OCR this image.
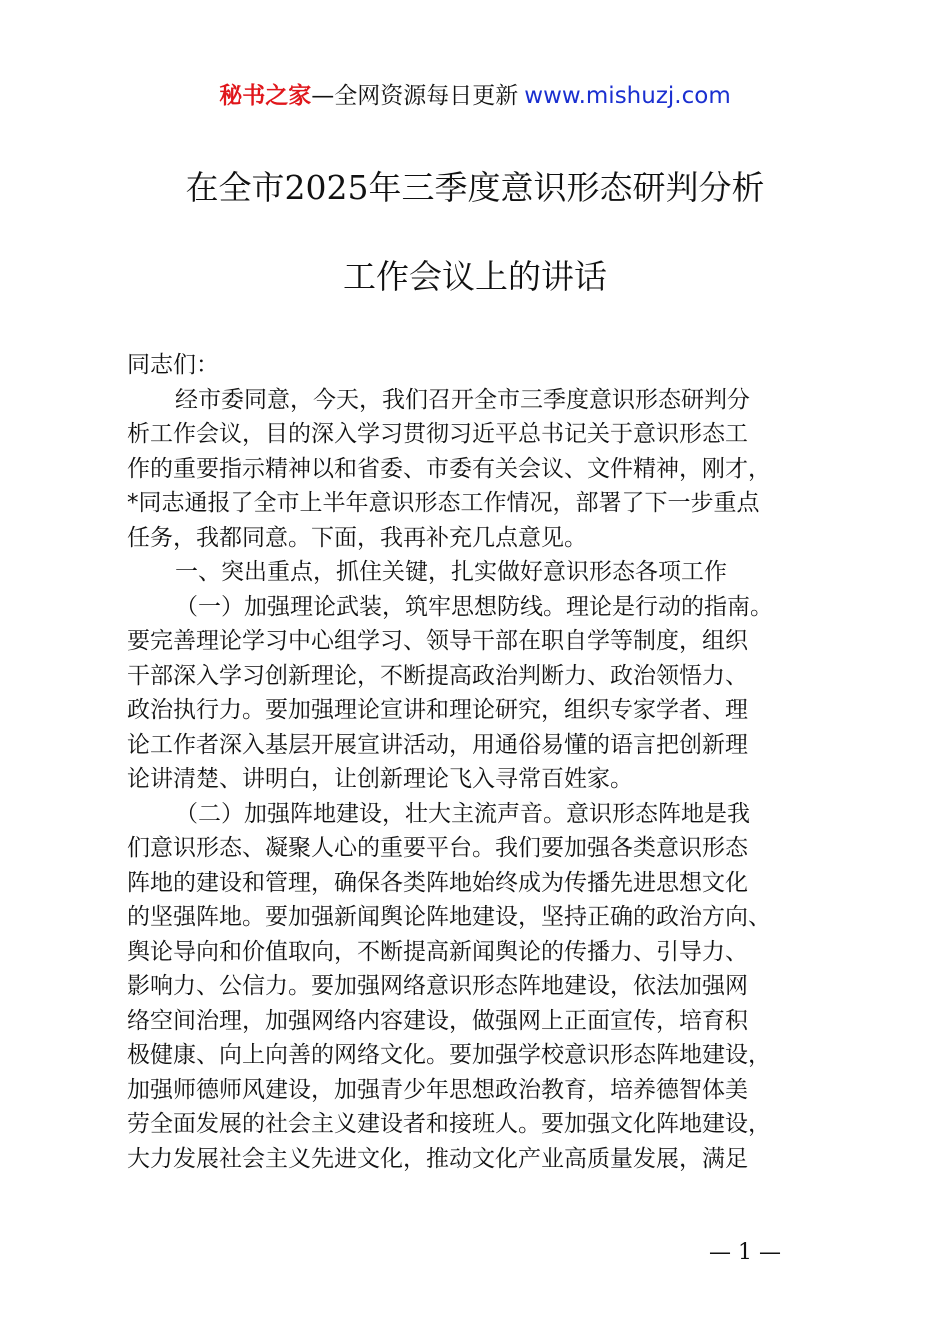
秘书之家—全网资源每日更新 www.mishuzj.com
在全市2025年三季度意识形态研判分析
工作会议上的讲话
同志们：
经市委同意，今天，我们召开全市三季度意识形态研判分
析工作会议，目的深入学习贯彻习近平总书记关于意识形态工
作的重要指示精神以和省委、市委有关会议、文件精神，刚才，
*同志通报了全市上半年意识形态工作情况，部署了下一步重点
任务，我都同意。下面，我再补充几点意见。
一、突出重点，抓住关键，扎实做好意识形态各项工作
（一）加强理论武装，筑牢思想防线。理论是行动的指南。
要完善理论学习中心组学习、领导干部在职自学等制度，组织
干部深入学习创新理论，不断提高政治判断力、政治领悟力、
政治执行力。要加强理论宣讲和理论研究，组织专家学者、理
论工作者深入基层开展宣讲活动，用通俗易懂的语言把创新理
论讲清楚、讲明白，让创新理论飞入寻常百姓家。
（二）加强阵地建设，壮大主流声音。意识形态阵地是我
们意识形态、凝聚人心的重要平台。我们要加强各类意识形态
阵地的建设和管理，确保各类阵地始终成为传播先进思想文化
的坚强阵地。要加强新闻舆论阵地建设，坚持正确的政治方向、
舆论导向和价值取向，不断提高新闻舆论的传播力、引导力、
影响力、公信力。要加强网络意识形态阵地建设，依法加强网
络空间治理，加强网络内容建设，做强网上正面宣传，培育积
极健康、向上向善的网络文化。要加强学校意识形态阵地建设，
加强师德师风建设，加强青少年思想政治教育，培养德智体美
劳全面发展的社会主义建设者和接班人。要加强文化阵地建设，
大力发展社会主义先进文化，推动文化产业高质量发展，满足
— 1 —
